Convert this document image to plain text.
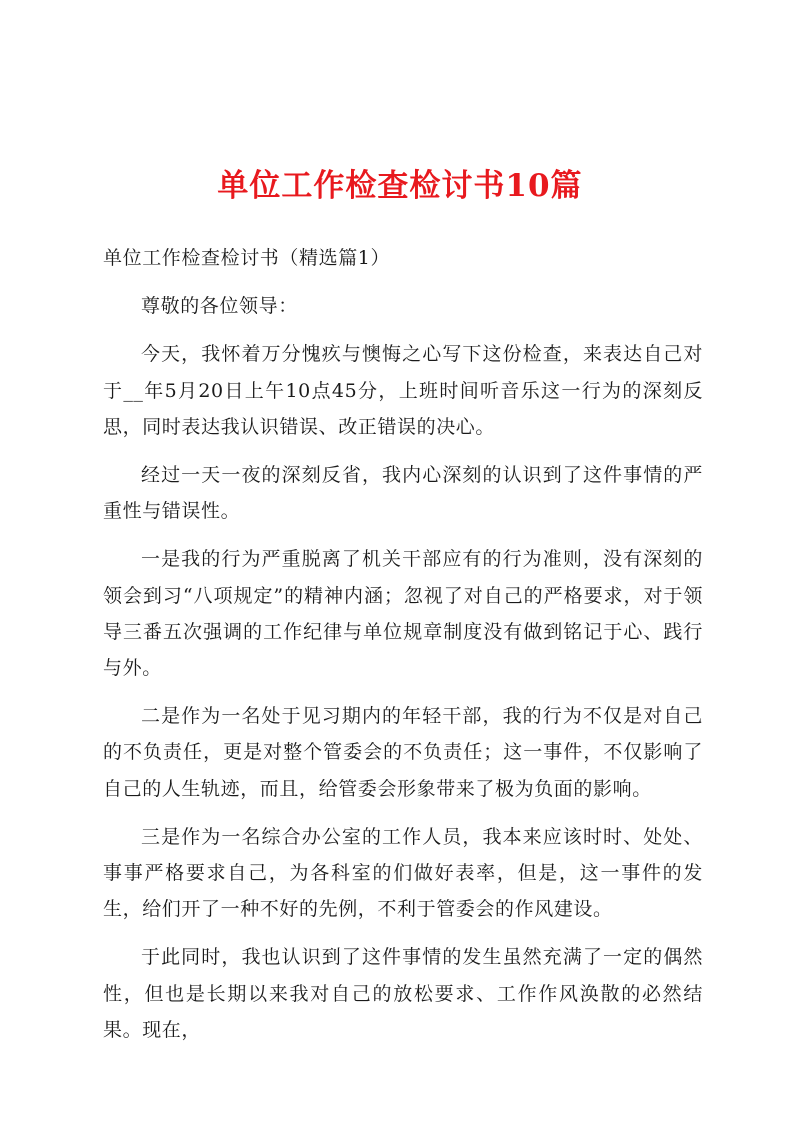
单位工作检查检讨书10篇

单位工作检查检讨书（精选篇1）

尊敬的各位领导：

今天，我怀着万分愧疚与懊悔之心写下这份检查，来表达自己对于__年5月20日上午10点45分，上班时间听音乐这一行为的深刻反思，同时表达我认识错误、改正错误的决心。

经过一天一夜的深刻反省，我内心深刻的认识到了这件事情的严重性与错误性。

一是我的行为严重脱离了机关干部应有的行为准则，没有深刻的领会到习“八项规定”的精神内涵；忽视了对自己的严格要求，对于领导三番五次强调的工作纪律与单位规章制度没有做到铭记于心、践行与外。

二是作为一名处于见习期内的年轻干部，我的行为不仅是对自己的不负责任，更是对整个管委会的不负责任；这一事件，不仅影响了自己的人生轨迹，而且，给管委会形象带来了极为负面的影响。

三是作为一名综合办公室的工作人员，我本来应该时时、处处、事事严格要求自己，为各科室的们做好表率，但是，这一事件的发生，给们开了一种不好的先例，不利于管委会的作风建设。

于此同时，我也认识到了这件事情的发生虽然充满了一定的偶然性，但也是长期以来我对自己的放松要求、工作作风涣散的必然结果。现在，
